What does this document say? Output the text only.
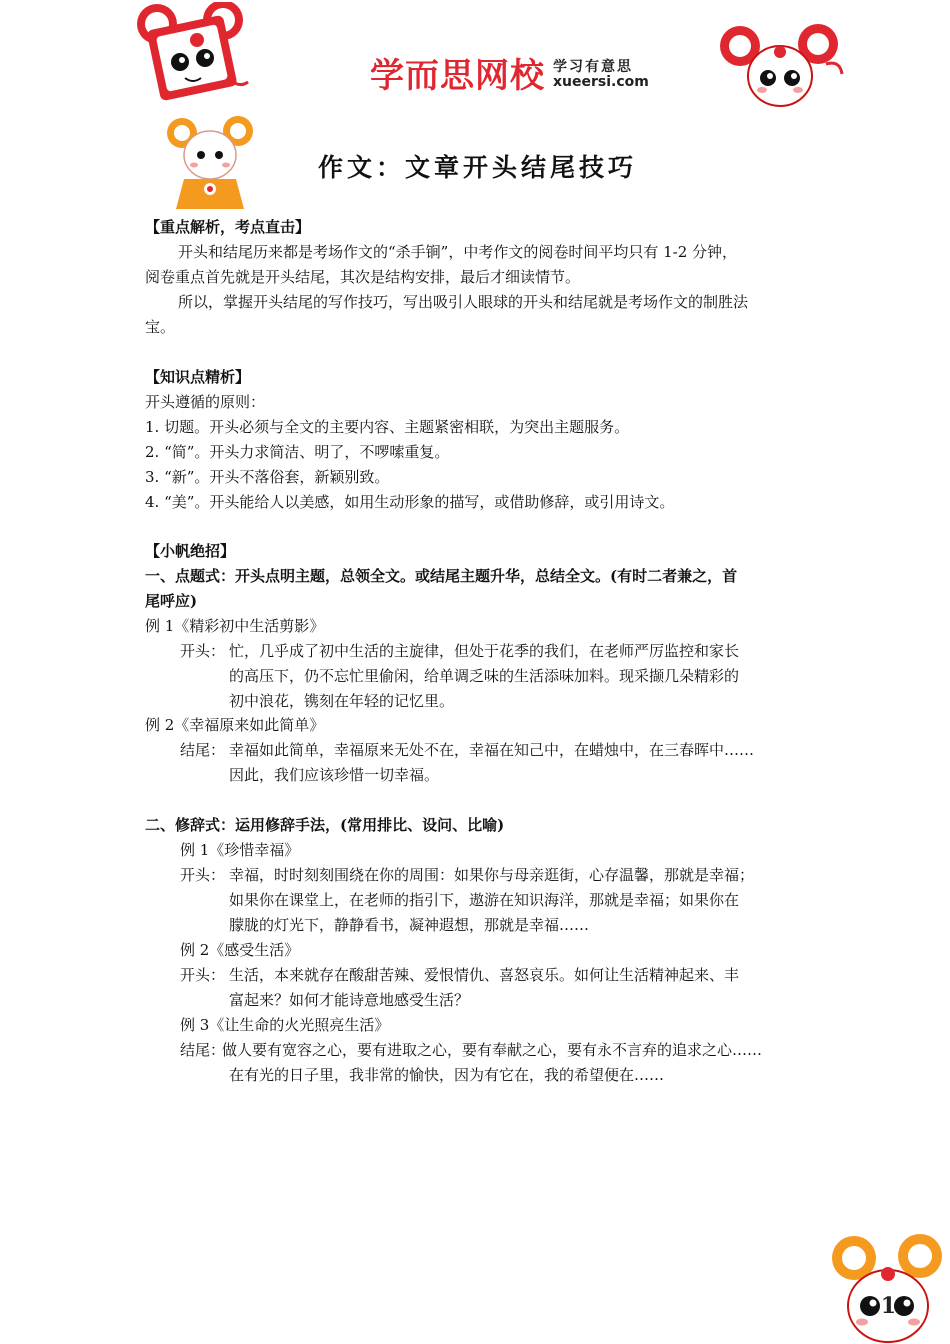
学而思网校 学习有意思
xueersi.com
作文：文章开头结尾技巧
【重点解析，考点直击】
开头和结尾历来都是考场作文的“杀手锏”，中考作文的阅卷时间平均只有 1-2 分钟，
阅卷重点首先就是开头结尾，其次是结构安排，最后才细读情节。
所以，掌握开头结尾的写作技巧，写出吸引人眼球的开头和结尾就是考场作文的制胜法
宝。
【知识点精析】
开头遵循的原则：
1. 切题。开头必须与全文的主要内容、主题紧密相联，为突出主题服务。
2. “简”。开头力求简洁、明了，不啰嗦重复。
3. “新”。开头不落俗套，新颖别致。
4. “美”。开头能给人以美感，如用生动形象的描写，或借助修辞，或引用诗文。
【小帆绝招】
一、点题式：开头点明主题，总领全文。或结尾主题升华，总结全文。(有时二者兼之，首
尾呼应)
例 1《精彩初中生活剪影》
开头： 忙，几乎成了初中生活的主旋律，但处于花季的我们，在老师严厉监控和家长
的高压下，仍不忘忙里偷闲，给单调乏味的生活添味加料。现采撷几朵精彩的
初中浪花，镌刻在年轻的记忆里。
例 2《幸福原来如此简单》
结尾： 幸福如此简单，幸福原来无处不在，幸福在知己中，在蜡烛中，在三春晖中……
因此，我们应该珍惜一切幸福。
二、修辞式：运用修辞手法，(常用排比、设问、比喻)
例 1《珍惜幸福》
开头： 幸福，时时刻刻围绕在你的周围：如果你与母亲逛街，心存温馨，那就是幸福；
如果你在课堂上，在老师的指引下，遨游在知识海洋，那就是幸福；如果你在
朦胧的灯光下，静静看书，凝神遐想，那就是幸福……
例 2《感受生活》
开头： 生活，本来就存在酸甜苦辣、爱恨情仇、喜怒哀乐。如何让生活精神起来、丰
富起来？如何才能诗意地感受生活？
例 3《让生命的火光照亮生活》
结尾：
做人要有宽容之心，要有进取之心，要有奉献之心，要有永不言弃的追求之心……
在有光的日子里，我非常的愉快，因为有它在，我的希望便在……
1
